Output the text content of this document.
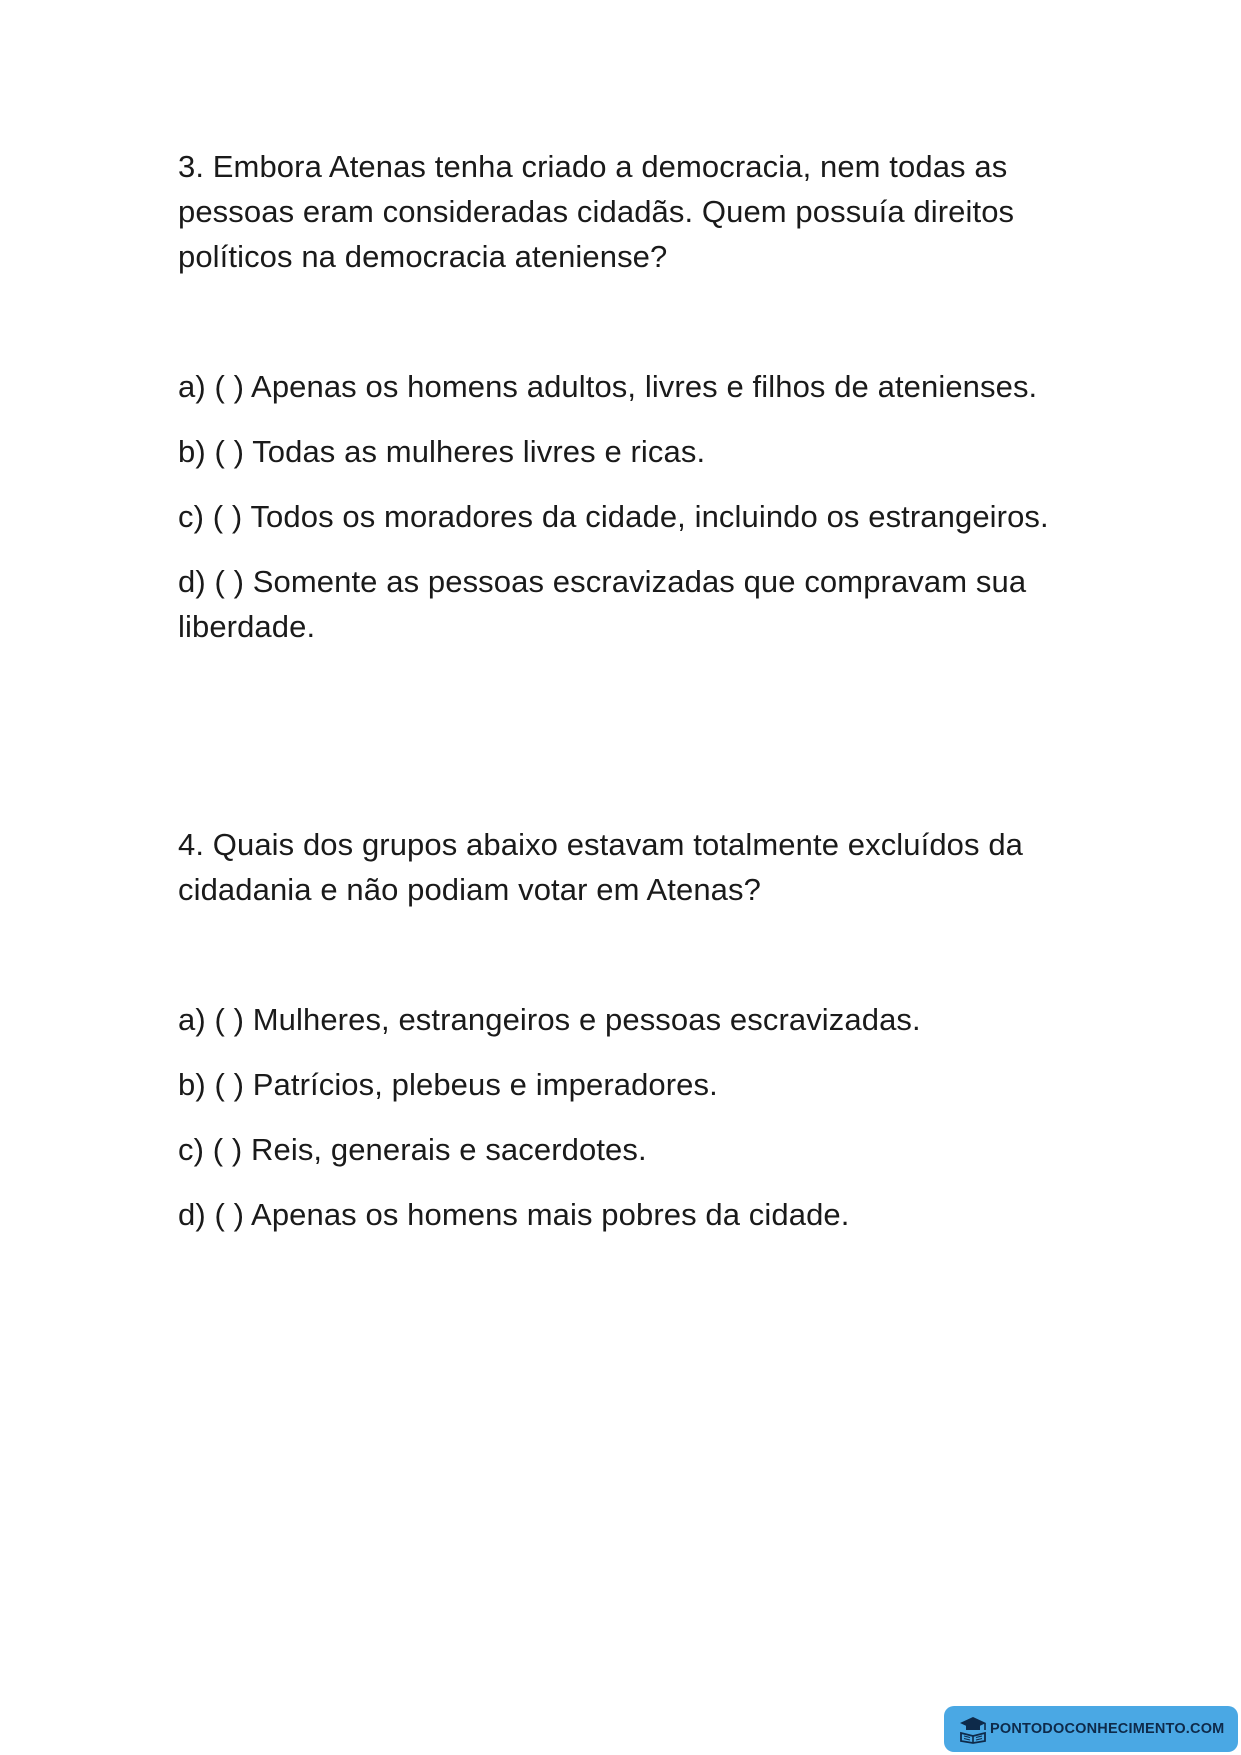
3. Embora Atenas tenha criado a democracia, nem todas as pessoas eram consideradas cidadãs. Quem possuía direitos políticos na democracia ateniense?

a) ( ) Apenas os homens adultos, livres e filhos de atenienses.

b) ( ) Todas as mulheres livres e ricas.

c) ( ) Todos os moradores da cidade, incluindo os estrangeiros.

d) ( ) Somente as pessoas escravizadas que compravam sua liberdade.

4. Quais dos grupos abaixo estavam totalmente excluídos da cidadania e não podiam votar em Atenas?

a) ( ) Mulheres, estrangeiros e pessoas escravizadas.

b) ( ) Patrícios, plebeus e imperadores.

c) ( ) Reis, generais e sacerdotes.

d) ( ) Apenas os homens mais pobres da cidade.

PONTODOCONHECIMENTO.COM
